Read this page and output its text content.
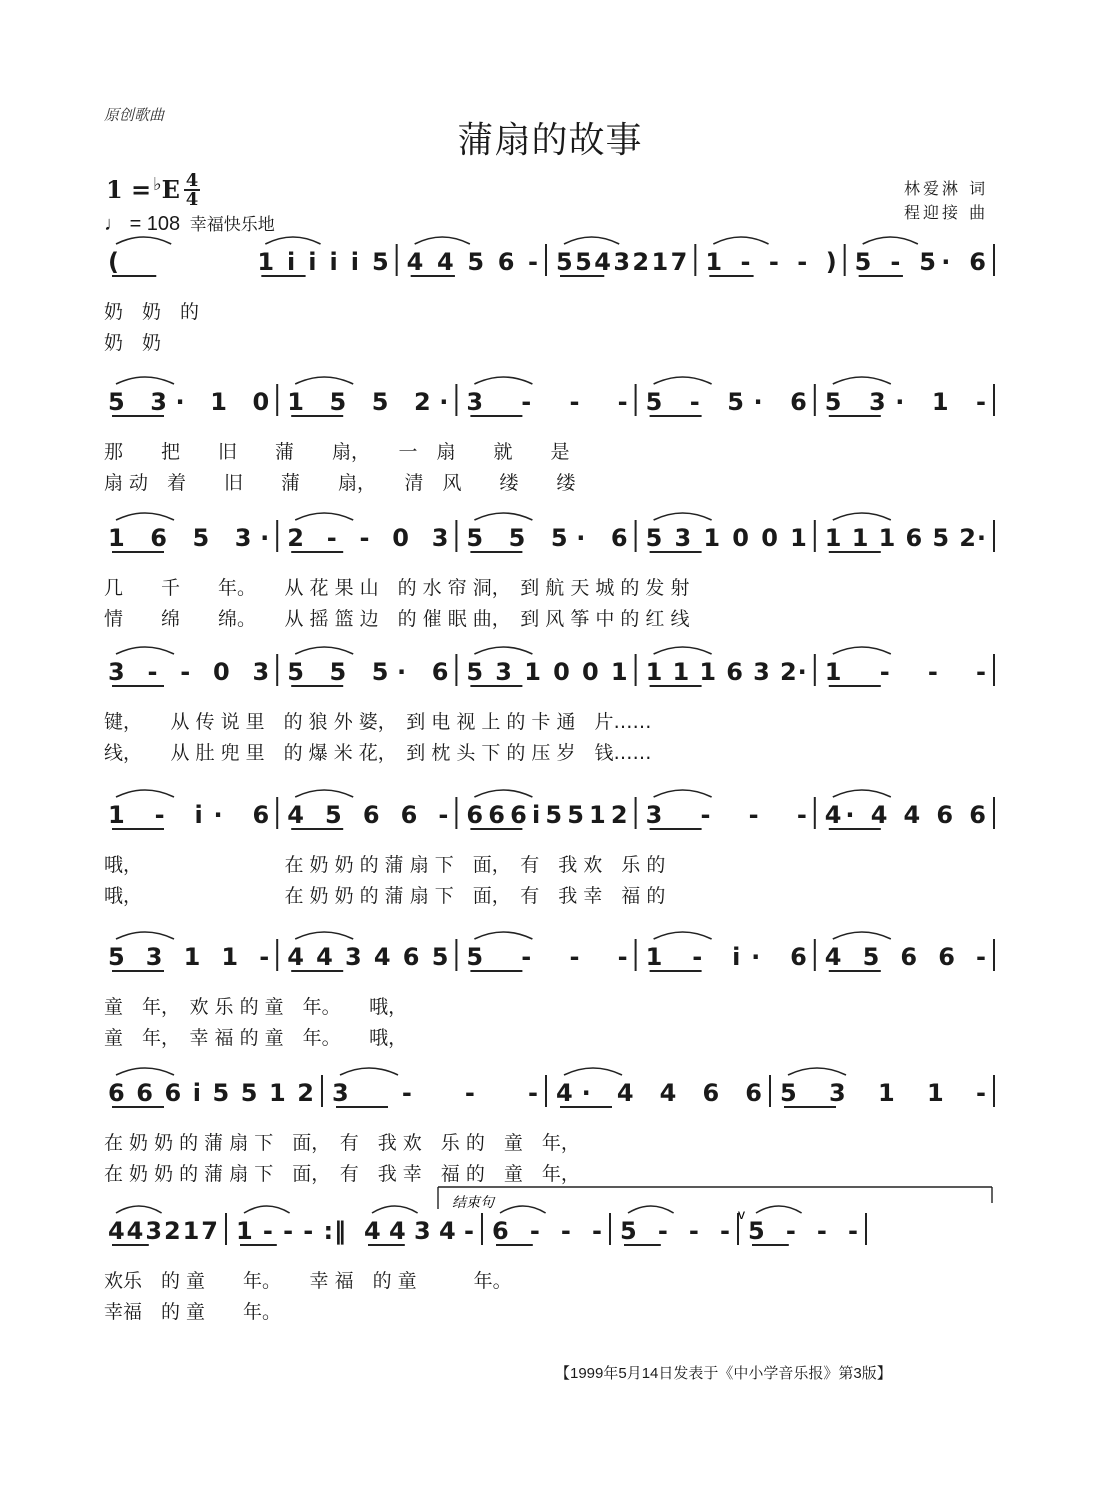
原创歌曲
蒲扇的故事
1 = ♭E 4
4
♩ = 108 幸福快乐地
林爱淋 词
程迎接 曲
(	1 i i i i 5 4 4 5 6 - 5 5 4 3 2 1 7 1 - - - ) 5 - 5· 6
奶　奶　的
奶　奶
5 3· 1 0 1 5 5 2· 3 - - - 5 - 5· 6 5 3· 1 -
那　　把　　旧　　蒲　　扇，　　一　扇　　就　　是
扇 动　着　　旧　　蒲　　扇，　　清　风　　缕　　缕
1 6 5 3· 2 - - 0 3 5 5 5· 6 5 3 1 0 0 1 1 1 1 6 5 2·
几　　千　　年。　　从 花 果 山　的 水 帘 洞，　到 航 天 城 的 发 射
情　　绵　　绵。　　从 摇 篮 边　的 催 眠 曲，　到 风 筝 中 的 红 线
3 - - 0 3 5 5 5· 6 5 3 1 0 0 1 1 1 1 6 3 2· 1 - - -
键，　　从 传 说 里　的 狼 外 婆，　到 电 视 上 的 卡 通　片……
线，　　从 肚 兜 里　的 爆 米 花，　到 枕 头 下 的 压 岁　钱……
1 - i· 6 4 5 6 6 - 6 6 6 i 5 5 1 2 3 - - - 4· 4 4 6 6
哦，　　　　　　　　在 奶 奶 的 蒲 扇 下　面，　有　我 欢　乐 的
哦，　　　　　　　　在 奶 奶 的 蒲 扇 下　面，　有　我 幸　福 的
5 3 1 1 - 4 4 3 4 6 5 5 - - - 1 - i· 6 4 5 6 6 -
童　年，　欢 乐 的 童　年。　　哦，
童　年，　幸 福 的 童　年。　　哦，
6 6 6 i 5 5 1 2 3 - - - 4· 4 4 6 6 5 3 1 1 -
在 奶 奶 的 蒲 扇 下　面，　有　我 欢　乐 的　童　年，
在 奶 奶 的 蒲 扇 下　面，　有　我 幸　福 的　童　年，
4 4 3 2 1 7 1 - - - :‖ 4 4 3 4 - 6 - - - 5 - - - 5 - - -
结束句
v
欢乐　的 童　　年。　　幸 福　的 童　　　年。
幸福　的 童　　年。
【1999年5月14日发表于《中小学音乐报》第3版】
